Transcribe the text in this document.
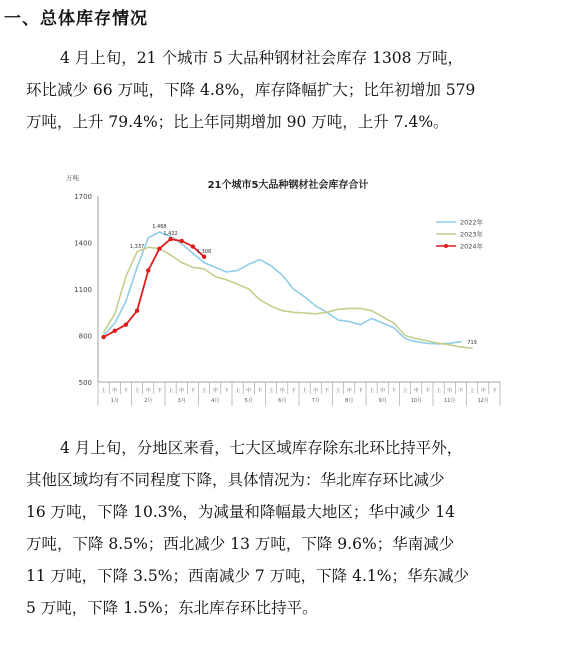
一、总体库存情况
4 月上旬，21 个城市 5 大品种钢材社会库存 1308 万吨，
环比减少 66 万吨，下降 4.8%，库存降幅扩大；比年初增加 579
万吨，上升 79.4%；比上年同期增加 90 万吨，上升 7.4%。
21个城市5大品种钢材社会库存合计
万吨
500
800
1100
1400
1700
上 中 下 上 中 下 上 中 下 上 中 下 上 中 下 上 中 下 上 中 下 上 中 下 上 中 下 上 中 下 上 中 下 上 中 下
1月	2月	3月	4月	5月	6月	7月	8月	9月	10月	11月	12月
1,468
1,337
1,422
1,308
719
2022年
2023年
2024年
4 月上旬，分地区来看，七大区域库存除东北环比持平外，
其他区域均有不同程度下降，具体情况为：华北库存环比减少
16 万吨，下降 10.3%，为减量和降幅最大地区；华中减少 14
万吨，下降 8.5%；西北减少 13 万吨，下降 9.6%；华南减少
11 万吨，下降 3.5%；西南减少 7 万吨，下降 4.1%；华东减少
5 万吨，下降 1.5%；东北库存环比持平。
